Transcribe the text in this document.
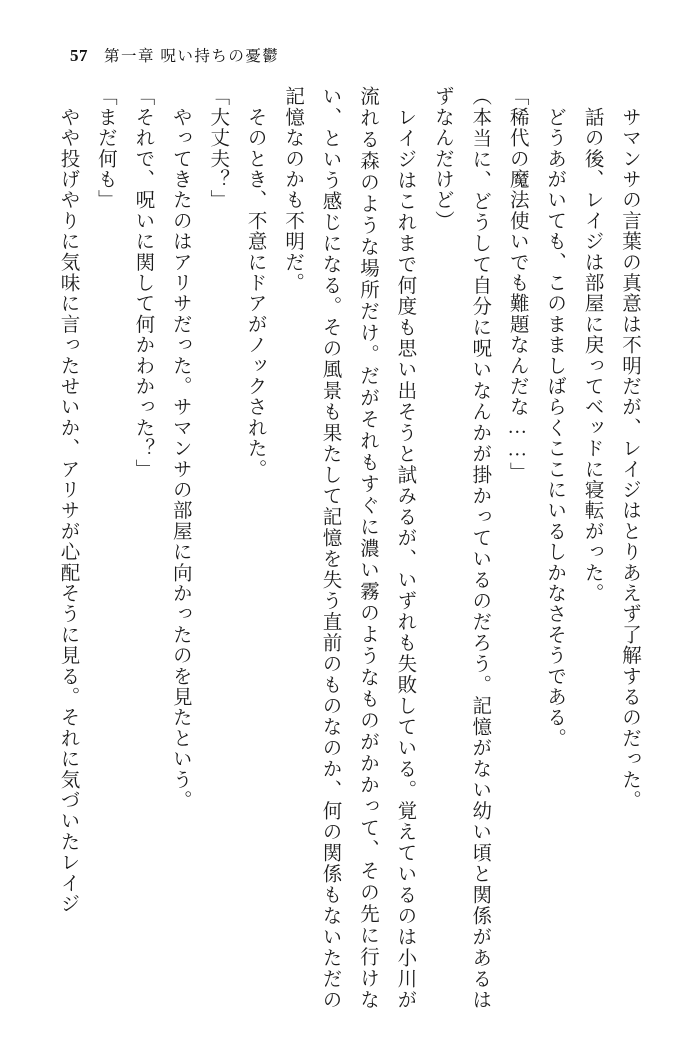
57 第一章 呪い持ちの憂鬱

　サマンサの言葉の真意は不明だが、レイジはとりあえず了解するのだった。

　話の後、レイジは部屋に戻ってベッドに寝転がった。

　どうあがいても、このまましばらくここにいるしかなさそうである。

「稀代の魔法使いでも難題なんだな……」

（本当に、どうして自分に呪いなんかが掛かっているのだろう。記憶がない幼い頃と関係があるはずなんだけど）

　レイジはこれまで何度も思い出そうと試みるが、いずれも失敗している。覚えているのは小川が流れる森のような場所だけ。だがそれもすぐに濃い霧のようなものがかかって、その先に行けない、という感じになる。その風景も果たして記憶を失う直前のものなのか、何の関係もないただの記憶なのかも不明だ。

　そのとき、不意にドアがノックされた。

「大丈夫？」

　やってきたのはアリサだった。サマンサの部屋に向かったのを見たという。

「それで、呪いに関して何かわかった？」

「まだ何も」

　やや投げやりに気味に言ったせいか、アリサが心配そうに見る。それに気づいたレイジ
